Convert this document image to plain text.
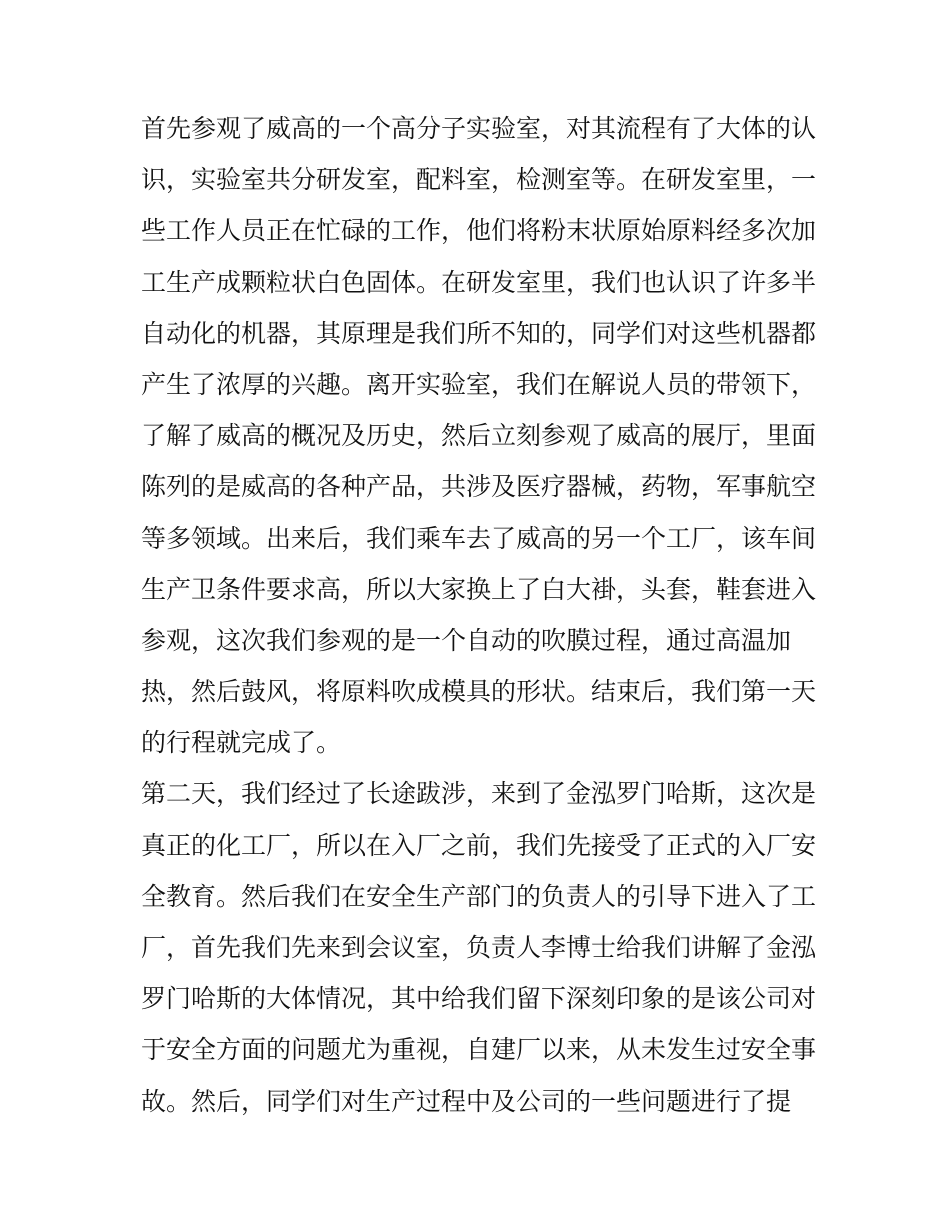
首先参观了威高的一个高分子实验室，对其流程有了大体的认
识，实验室共分研发室，配料室，检测室等。在研发室里，一
些工作人员正在忙碌的工作，他们将粉末状原始原料经多次加
工生产成颗粒状白色固体。在研发室里，我们也认识了许多半
自动化的机器，其原理是我们所不知的，同学们对这些机器都
产生了浓厚的兴趣。离开实验室，我们在解说人员的带领下，
了解了威高的概况及历史，然后立刻参观了威高的展厅，里面
陈列的是威高的各种产品，共涉及医疗器械，药物，军事航空
等多领域。出来后，我们乘车去了威高的另一个工厂，该车间
生产卫条件要求高，所以大家换上了白大褂，头套，鞋套进入
参观，这次我们参观的是一个自动的吹膜过程，通过高温加
热，然后鼓风，将原料吹成模具的形状。结束后，我们第一天
的行程就完成了。
第二天，我们经过了长途跋涉，来到了金泓罗门哈斯，这次是
真正的化工厂，所以在入厂之前，我们先接受了正式的入厂安
全教育。然后我们在安全生产部门的负责人的引导下进入了工
厂，首先我们先来到会议室，负责人李博士给我们讲解了金泓
罗门哈斯的大体情况，其中给我们留下深刻印象的是该公司对
于安全方面的问题尤为重视，自建厂以来，从未发生过安全事
故。然后，同学们对生产过程中及公司的一些问题进行了提
